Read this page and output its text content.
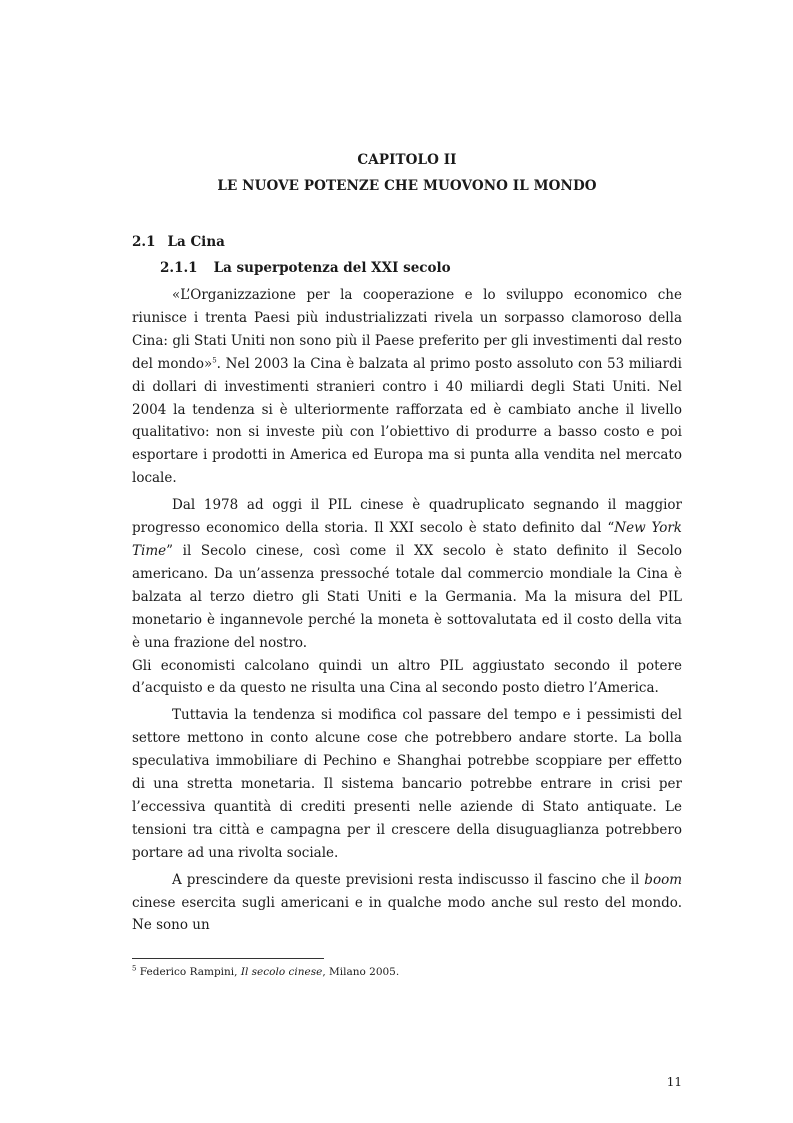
CAPITOLO II
LE NUOVE POTENZE CHE MUOVONO IL MONDO
2.1 La Cina
2.1.1 La superpotenza del XXI secolo

«L’Organizzazione per la cooperazione e lo sviluppo economico che riunisce i trenta Paesi più industrializzati rivela un sorpasso clamoroso della Cina: gli Stati Uniti non sono più il Paese preferito per gli investimenti dal resto del mondo»$^5$. Nel 2003 la Cina è balzata al primo posto assoluto con 53 miliardi di dollari di investimenti stranieri contro i 40 miliardi degli Stati Uniti. Nel 2004 la tendenza si è ulteriormente rafforzata ed è cambiato anche il livello qualitativo: non si investe più con l’obiettivo di produrre a basso costo e poi esportare i prodotti in America ed Europa ma si punta alla vendita nel mercato locale.

Dal 1978 ad oggi il PIL cinese è quadruplicato segnando il maggior progresso economico della storia. Il XXI secolo è stato definito dal “New York Time” il Secolo cinese, così come il XX secolo è stato definito il Secolo americano. Da un’assenza pressoché totale dal commercio mondiale la Cina è balzata al terzo dietro gli Stati Uniti e la Germania. Ma la misura del PIL monetario è ingannevole perché la moneta è sottovalutata ed il costo della vita è una frazione del nostro.

Gli economisti calcolano quindi un altro PIL aggiustato secondo il potere d’acquisto e da questo ne risulta una Cina al secondo posto dietro l’America.

Tuttavia la tendenza si modifica col passare del tempo e i pessimisti del settore mettono in conto alcune cose che potrebbero andare storte. La bolla speculativa immobiliare di Pechino e Shanghai potrebbe scoppiare per effetto di una stretta monetaria. Il sistema bancario potrebbe entrare in crisi per l’eccessiva quantità di crediti presenti nelle aziende di Stato antiquate. Le tensioni tra città e campagna per il crescere della disuguaglianza potrebbero portare ad una rivolta sociale.

A prescindere da queste previsioni resta indiscusso il fascino che il boom cinese esercita sugli americani e in qualche modo anche sul resto del mondo. Ne sono un

$^5$ Federico Rampini, Il secolo cinese, Milano 2005.
11
